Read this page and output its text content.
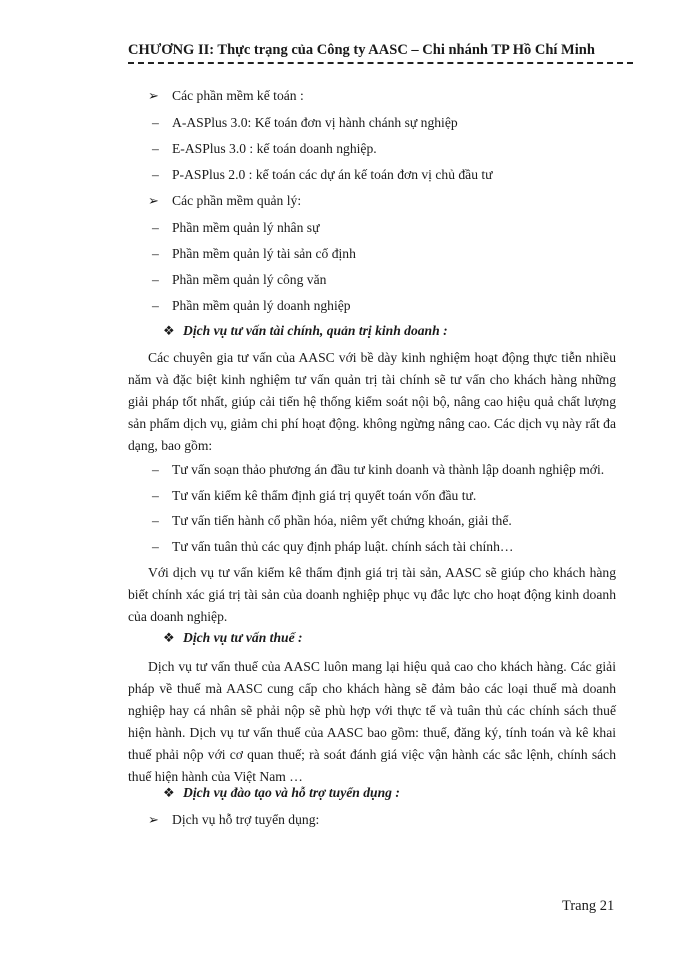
CHƯƠNG II: Thực trạng của Công ty AASC – Chi nhánh TP Hồ Chí Minh
➢ Các phần mềm kế toán :
– A-ASPlus 3.0: Kế toán đơn vị hành chánh sự nghiệp
– E-ASPlus 3.0 : kế toán doanh nghiệp.
– P-ASPlus 2.0 : kế toán các dự án kế toán đơn vị chủ đầu tư
➢ Các phần mềm quản lý:
– Phần mềm quản lý nhân sự
– Phần mềm quản lý tài sản cố định
– Phần mềm quản lý công văn
– Phần mềm quản lý doanh nghiệp
❖ Dịch vụ tư vấn tài chính, quản trị kinh doanh :
Các chuyên gia tư vấn của AASC với bề dày kinh nghiệm hoạt động thực tiễn nhiều năm và đặc biệt kinh nghiệm tư vấn quản trị tài chính sẽ tư vấn cho khách hàng những giải pháp tốt nhất, giúp cải tiến hệ thống kiểm soát nội bộ, nâng cao hiệu quả chất lượng sản phẩm dịch vụ, giảm chi phí hoạt động. không ngừng nâng cao. Các dịch vụ này rất đa dạng, bao gồm:
– Tư vấn soạn thảo phương án đầu tư kinh doanh và thành lập doanh nghiệp mới.
– Tư vấn kiểm kê thẩm định giá trị quyết toán vốn đầu tư.
– Tư vấn tiến hành cổ phần hóa, niêm yết chứng khoán, giải thể.
– Tư vấn tuân thủ các quy định pháp luật. chính sách tài chính…
Với dịch vụ tư vấn kiểm kê thẩm định giá trị tài sản, AASC sẽ giúp cho khách hàng biết chính xác giá trị tài sản của doanh nghiệp phục vụ đắc lực cho hoạt động kinh doanh của doanh nghiệp.
❖ Dịch vụ tư vấn thuế :
Dịch vụ tư vấn thuế của AASC luôn mang lại hiệu quả cao cho khách hàng. Các giải pháp về thuế mà AASC cung cấp cho khách hàng sẽ đảm bảo các loại thuế mà doanh nghiệp hay cá nhân sẽ phải nộp sẽ phù hợp với thực tế và tuân thủ các chính sách thuế hiện hành. Dịch vụ tư vấn thuế của AASC bao gồm: thuế, đăng ký, tính toán và kê khai thuế phải nộp với cơ quan thuế; rà soát đánh giá việc vận hành các sắc lệnh, chính sách thuế hiện hành của Việt Nam …
❖ Dịch vụ đào tạo và hỗ trợ tuyển dụng :
➢ Dịch vụ hỗ trợ tuyển dụng:
Trang 21
